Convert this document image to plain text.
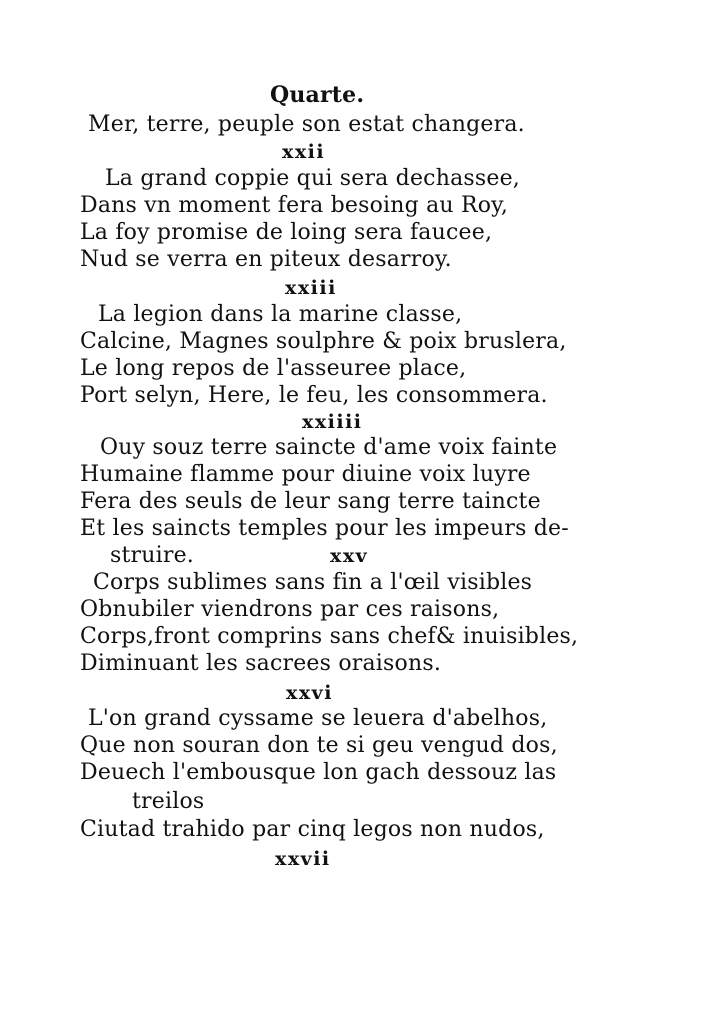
Quarte.
Mer, terre, peuple son estat changera.
xxii
La grand coppie qui sera dechassee,
Dans vn moment fera besoing au Roy,
La foy promise de loing sera faucee,
Nud se verra en piteux desarroy.
xxiii
La legion dans la marine classe,
Calcine, Magnes soulphre & poix bruslera,
Le long repos de l'asseuree place,
Port selyn, Here, le feu, les consommera.
xxiiii
Ouy souz terre saincte d'ame voix fainte
Humaine flamme pour diuine voix luyre
Fera des seuls de leur sang terre taincte
Et les saincts temples pour les impeurs de-
struire.	xxv
Corps sublimes sans fin a l'œil visibles
Obnubiler viendrons par ces raisons,
Corps,front comprins sans chef& inuisibles,
Diminuant les sacrees oraisons.
xxvi
L'on grand cyssame se leuera d'abelhos,
Que non souran don te si geu vengud dos,
Deuech l'embousque lon gach dessouz las
treilos
Ciutad trahido par cinq legos non nudos,
xxvii
